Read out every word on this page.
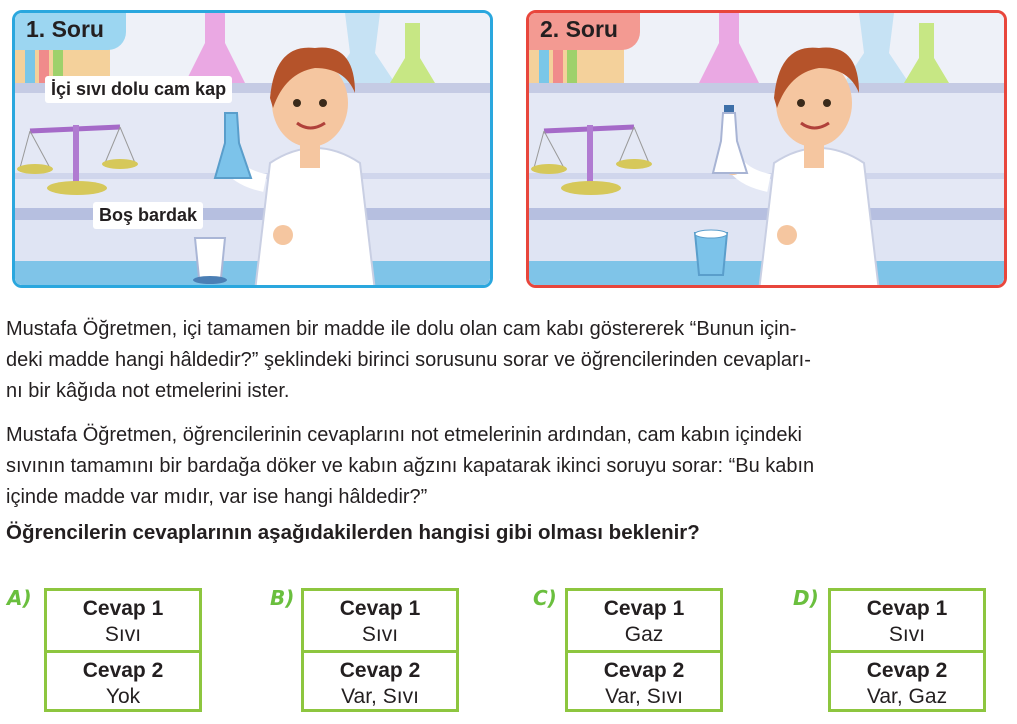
1. Soru
İçi sıvı dolu cam kap
Boş bardak
2. Soru
Mustafa Öğretmen, içi tamamen bir madde ile dolu olan cam kabı göstererek “Bunun için-
deki madde hangi hâldedir?” şeklindeki birinci sorusunu sorar ve öğrencilerinden cevapları-
nı bir kâğıda not etmelerini ister.
Mustafa Öğretmen, öğrencilerinin cevaplarını not etmelerinin ardından, cam kabın içindeki
sıvının tamamını bir bardağa döker ve kabın ağzını kapatarak ikinci soruyu sorar: “Bu kabın
içinde madde var mıdır, var ise hangi hâldedir?”

Öğrencilerin cevaplarının aşağıdakilerden hangisi gibi olması beklenir?

A)	Cevap 1
Sıvı
Cevap 2
Yok
B)	Cevap 1
Sıvı
Cevap 2
Var, Sıvı
C)	Cevap 1
Gaz
Cevap 2
Var, Sıvı
D)	Cevap 1
Sıvı
Cevap 2
Var, Gaz
